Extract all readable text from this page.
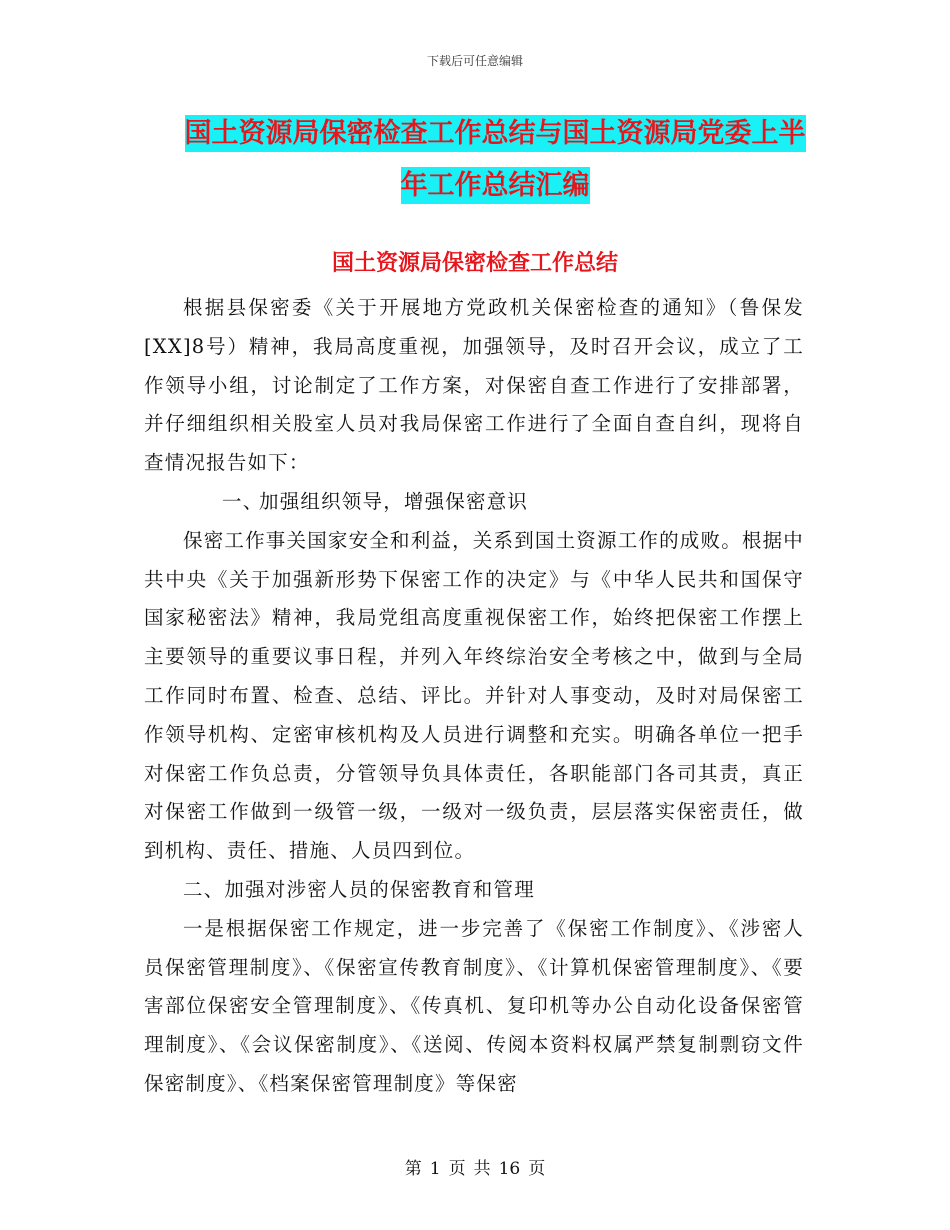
下载后可任意编辑
国土资源局保密检查工作总结与国土资源局党委上半
年工作总结汇编
国土资源局保密检查工作总结

根据县保密委《关于开展地方党政机关保密检查的通知》（鲁保发[XX]8号）精神，我局高度重视，加强领导，及时召开会议，成立了工作领导小组，讨论制定了工作方案，对保密自查工作进行了安排部署，并仔细组织相关股室人员对我局保密工作进行了全面自查自纠，现将自查情况报告如下：

一、加强组织领导，增强保密意识

保密工作事关国家安全和利益，关系到国土资源工作的成败。根据中共中央《关于加强新形势下保密工作的决定》与《中华人民共和国保守国家秘密法》精神，我局党组高度重视保密工作，始终把保密工作摆上主要领导的重要议事日程，并列入年终综治安全考核之中，做到与全局工作同时布置、检查、总结、评比。并针对人事变动，及时对局保密工作领导机构、定密审核机构及人员进行调整和充实。明确各单位一把手对保密工作负总责，分管领导负具体责任，各职能部门各司其责，真正对保密工作做到一级管一级，一级对一级负责，层层落实保密责任，做到机构、责任、措施、人员四到位。

二、加强对涉密人员的保密教育和管理

一是根据保密工作规定，进一步完善了《保密工作制度》、《涉密人员保密管理制度》、《保密宣传教育制度》、《计算机保密管理制度》、《要害部位保密安全管理制度》、《传真机、复印机等办公自动化设备保密管理制度》、《会议保密制度》、《送阅、传阅本资料权属严禁复制剽窃文件保密制度》、《档案保密管理制度》等保密

第 1 页 共 16 页
